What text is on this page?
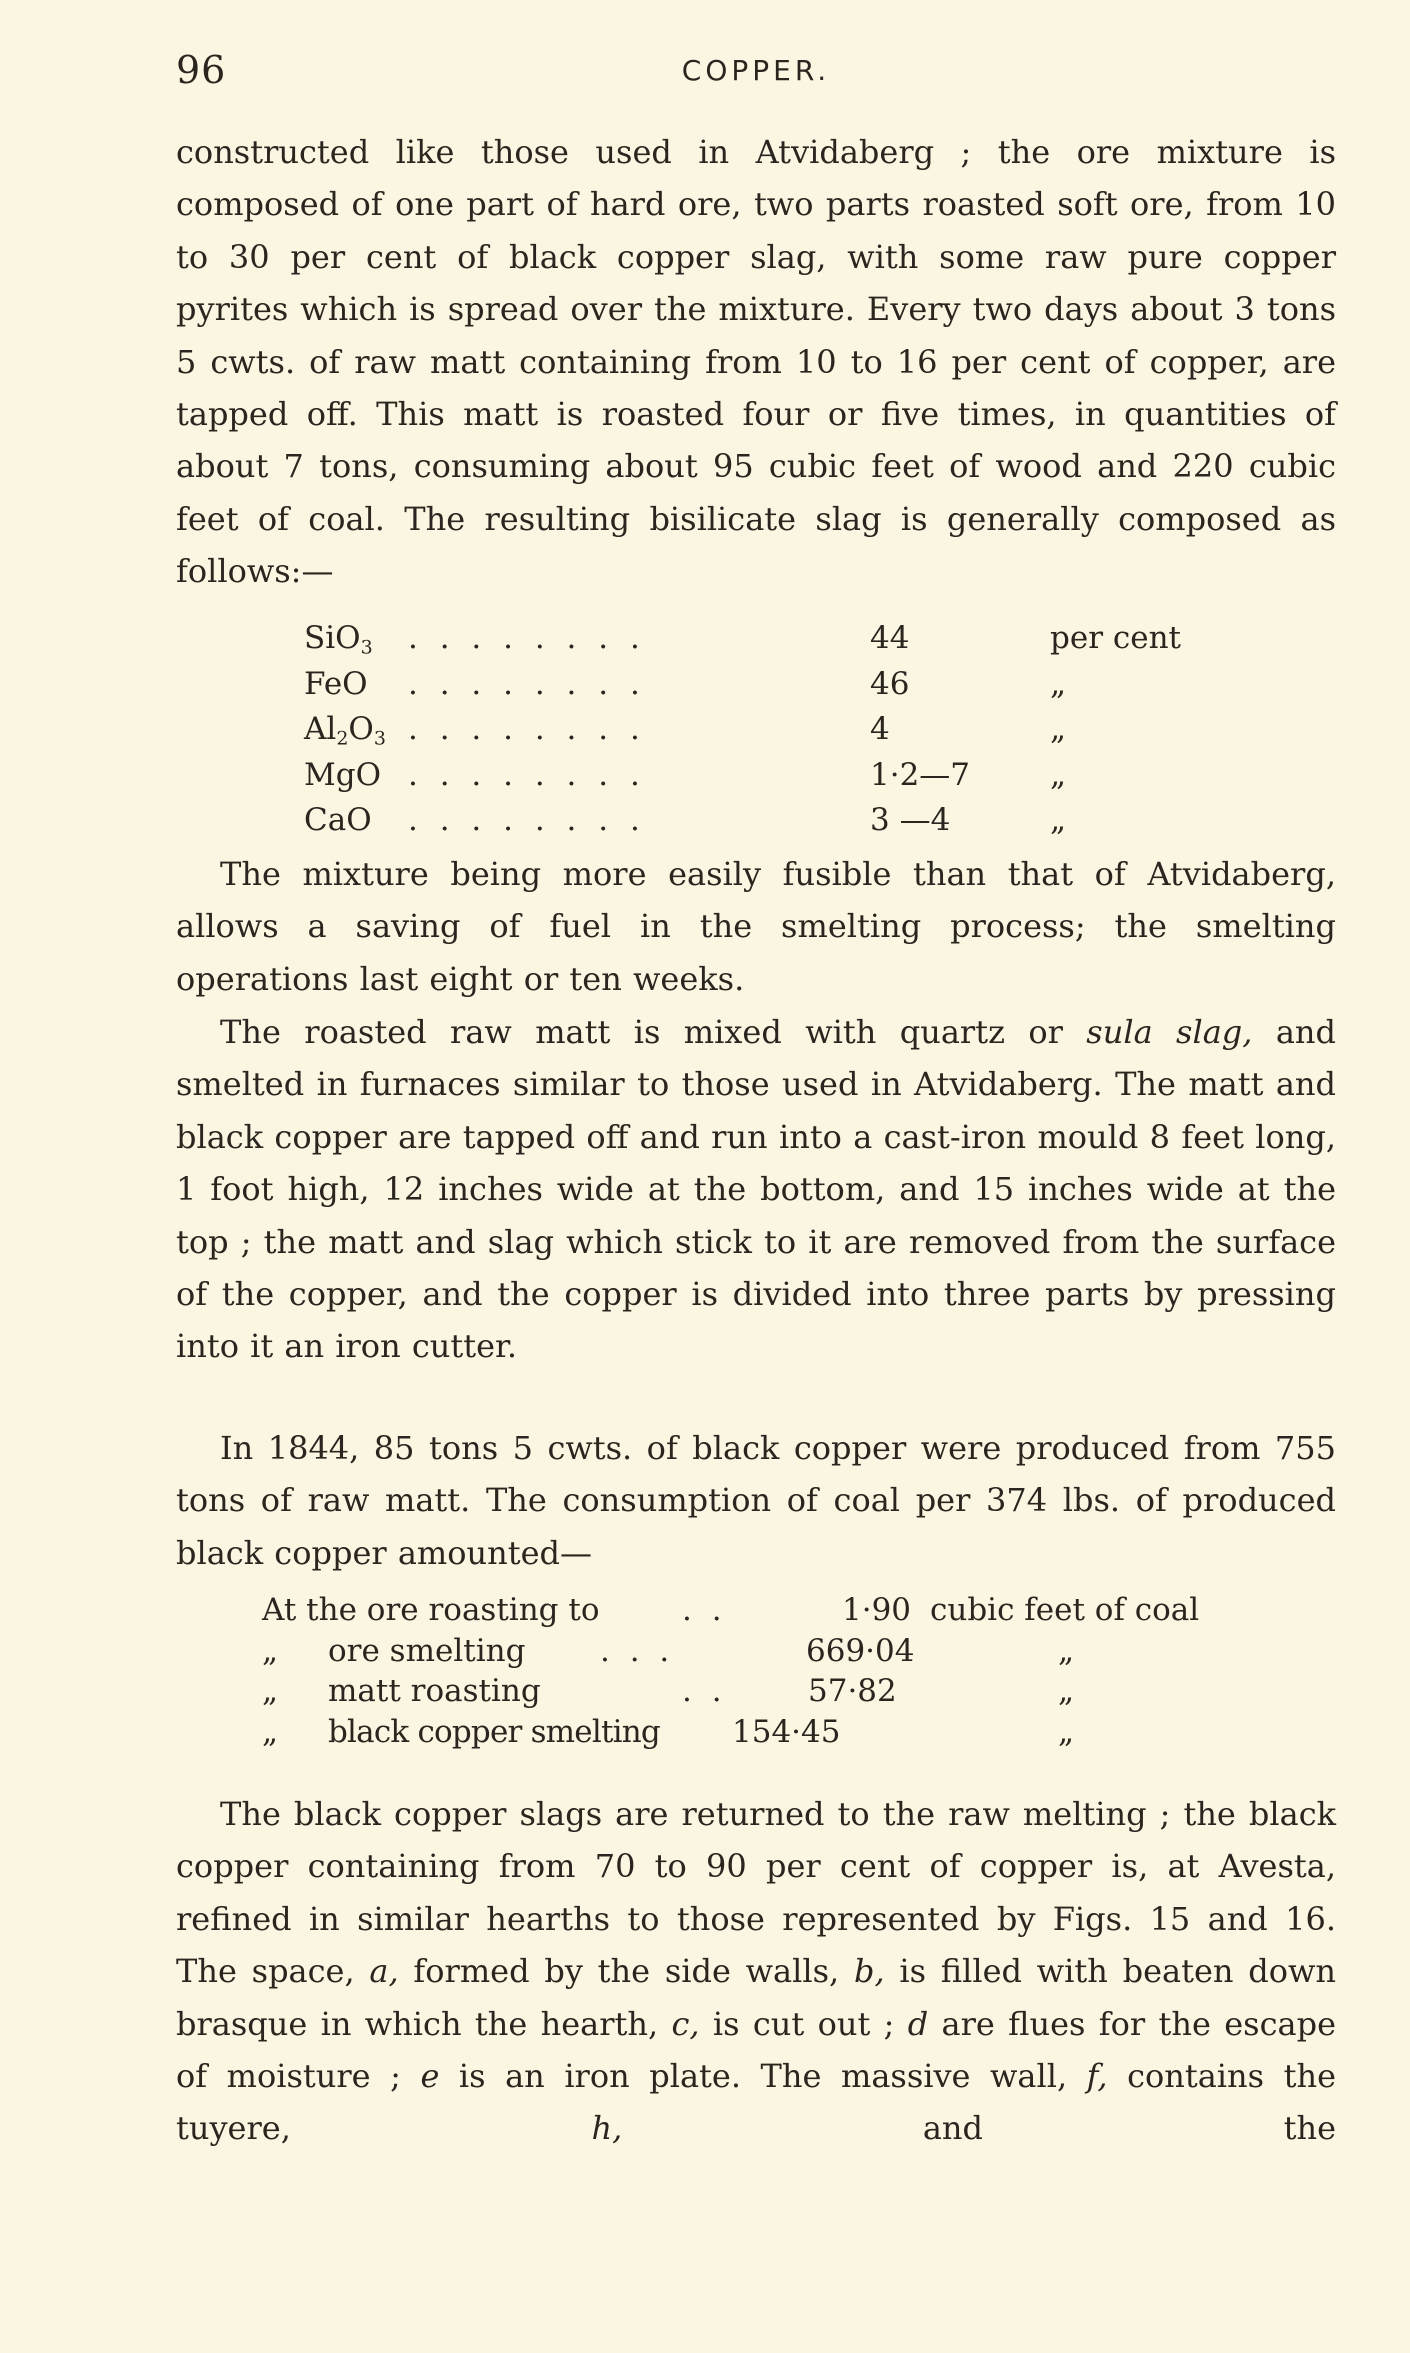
96	COPPER.

constructed like those used in Atvidaberg ; the ore mixture is composed of one part of hard ore, two parts roasted soft ore, from 10 to 30 per cent of black copper slag, with some raw pure copper pyrites which is spread over the mixture. Every two days about 3 tons 5 cwts. of raw matt containing from 10 to 16 per cent of copper, are tapped off. This matt is roasted four or five times, in quantities of about 7 tons, consuming about 95 cubic feet of wood and 220 cubic feet of coal. The resulting bisilicate slag is generally composed as follows:—

SiO$_3$ . . . . . . . .	44	per cent
FeO . . . . . . . .	46	„
$Al_2O_3$ . . . . . . . .	4	„
MgO . . . . . . . .	1·2—7	„
CaO . . . . . . . .	3 —4	„

The mixture being more easily fusible than that of Atvidaberg, allows a saving of fuel in the smelting process; the smelting operations last eight or ten weeks.

The roasted raw matt is mixed with quartz or sula slag, and smelted in furnaces similar to those used in Atvidaberg. The matt and black copper are tapped off and run into a cast-iron mould 8 feet long, 1 foot high, 12 inches wide at the bottom, and 15 inches wide at the top ; the matt and slag which stick to it are removed from the surface of the copper, and the copper is divided into three parts by pressing into it an iron cutter.

In 1844, 85 tons 5 cwts. of black copper were produced from 755 tons of raw matt. The consumption of coal per 374 lbs. of produced black copper amounted—

At the ore roasting to	. .	1·90 cubic feet of coal
„ ore smelting . . .	669·04	„
„ matt roasting	. .	57·82	„
„ black copper smelting 154·45	„

The black copper slags are returned to the raw melting ; the black copper containing from 70 to 90 per cent of copper is, at Avesta, refined in similar hearths to those represented by Figs. 15 and 16. The space, a, formed by the side walls, b, is filled with beaten down brasque in which the hearth, c, is cut out ; d are flues for the escape of moisture ; e is an iron plate. The massive wall, f, contains the tuyere, h, and the
